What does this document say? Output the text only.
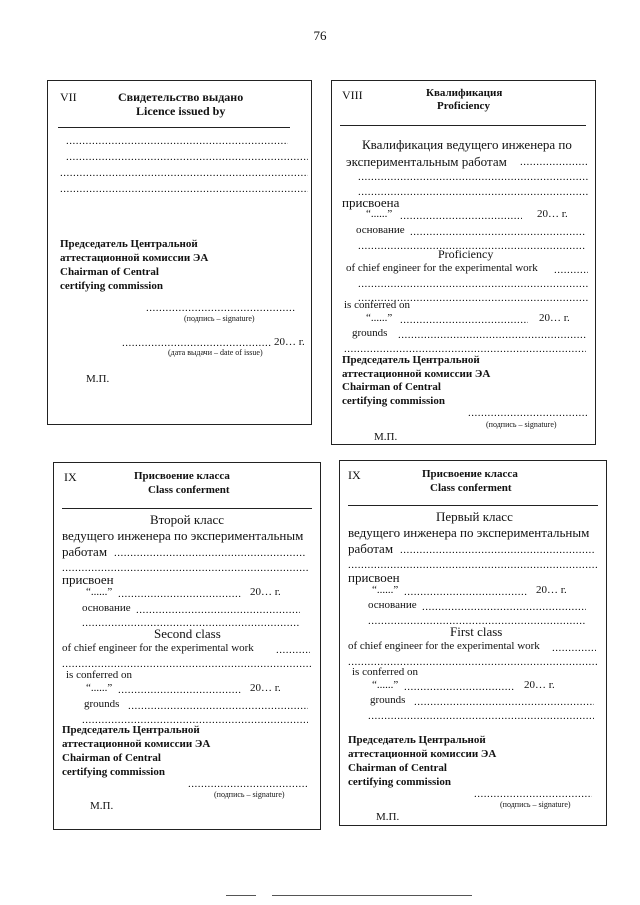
76
VII	Свидетельство выдано
Licence issued by
.....
.....
.....
.....
Председатель Центральной
аттестационной комиссии ЭА
Chairman of Central
certifying commission
.....
(подпись – signature)
.....
20… г.
(дата выдачи – date of issue)
М.П.
VIII	Квалификация
Proficiency
Квалификация ведущего инженера по
экспериментальным работам
.....
.....
.....
присвоена
“......” .....	20… г.
основание
.....
.....
Proficiency
of chief engineer for the experimental work
.....
.....
.....
is conferred on
“......” .....	20… г.
grounds
.....
.....
Председатель Центральной
аттестационной комиссии ЭА
Chairman of Central
certifying commission
.....
(подпись – signature)
М.П.
IX	Присвоение класса
Class conferment
Второй класс
ведущего инженера по экспериментальным
работам
.....
.....
присвоен
“......” .....	20… г.
основание
.....
.....
Second class
of chief engineer for the experimental work
.....
.....
is conferred on
“......” .....	20… г.
grounds
.....
.....
Председатель Центральной
аттестационной комиссии ЭА
Chairman of Central
certifying commission
.....
(подпись – signature)
М.П.
IX	Присвоение класса
Class conferment
Первый класс
ведущего инженера по экспериментальным
работам
.....
.....
присвоен
“......” .....	20… г.
основание
.....
.....
First class
of chief engineer for the experimental work
.....
.....
is conferred on
“......” .....	20… г.
grounds
.....
.....
Председатель Центральной
аттестационной комиссии ЭА
Chairman of Central
certifying commission
.....
(подпись – signature)
М.П.
